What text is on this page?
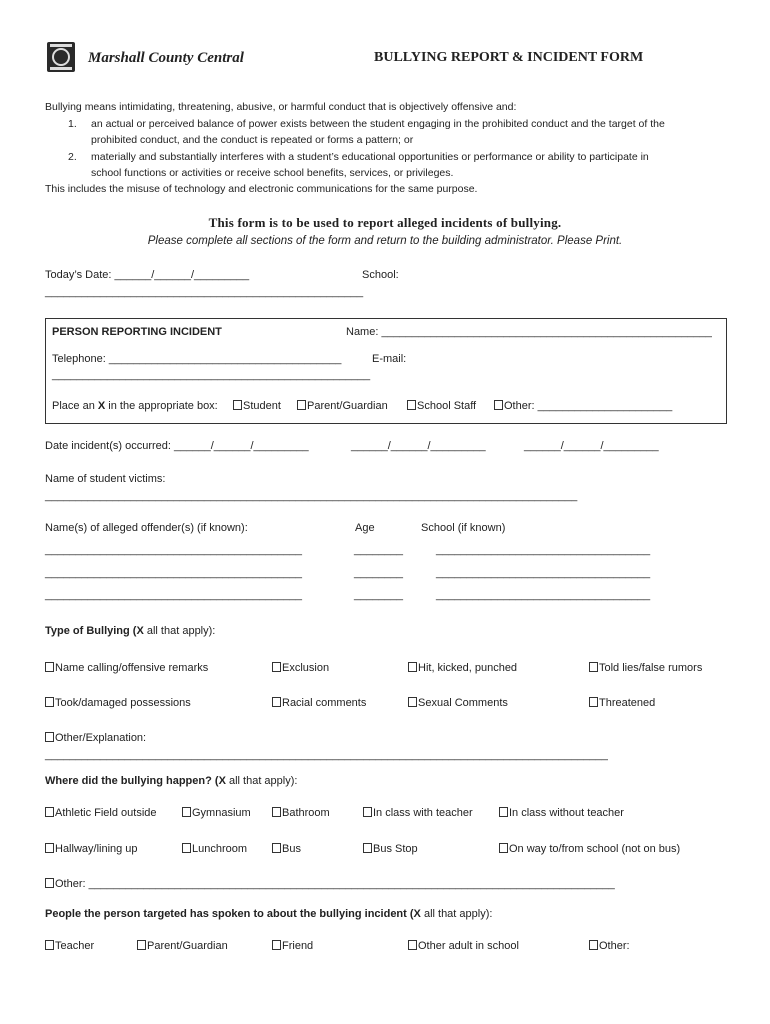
Marshall County Central	BULLYING REPORT & INCIDENT FORM
Bullying means intimidating, threatening, abusive, or harmful conduct that is objectively offensive and:
1. an actual or perceived balance of power exists between the student engaging in the prohibited conduct and the target of the
prohibited conduct, and the conduct is repeated or forms a pattern; or
2. materially and substantially interferes with a student’s educational opportunities or performance or ability to participate in
school functions or activities or receive school benefits, services, or privileges.
This includes the misuse of technology and electronic communications for the same purpose.
This form is to be used to report alleged incidents of bullying.
Please complete all sections of the form and return to the building administrator. Please Print.
Today’s Date: ______/______/_________	School:
____________________________________________________
PERSON REPORTING INCIDENT	Name: ______________________________________________________
Telephone: ______________________________________	E-mail:
____________________________________________________
Place an X in the appropriate box:	Student	Parent/Guardian	School Staff	Other: ______________________
Date incident(s) occurred: ______/______/_________	______/______/_________	______/______/_________
Name of student victims:
_______________________________________________________________________________________
Name(s) of alleged offender(s) (if known):	Age	School (if known)
__________________________________________	________	___________________________________
__________________________________________	________	___________________________________
__________________________________________	________	___________________________________
Type of Bullying (X all that apply):
Name calling/offensive remarks	Exclusion	Hit, kicked, punched	Told lies/false rumors
Took/damaged possessions	Racial comments	Sexual Comments	Threatened
Other/Explanation:
____________________________________________________________________________________________
Where did the bullying happen? (X all that apply):
Athletic Field outside	Gymnasium	Bathroom	In class with teacher	In class without teacher
Hallway/lining up	Lunchroom	Bus	Bus Stop	On way to/from school (not on bus)
Other: ______________________________________________________________________________________
People the person targeted has spoken to about the bullying incident (X all that apply):
Teacher	Parent/Guardian	Friend	Other adult in school	Other:
